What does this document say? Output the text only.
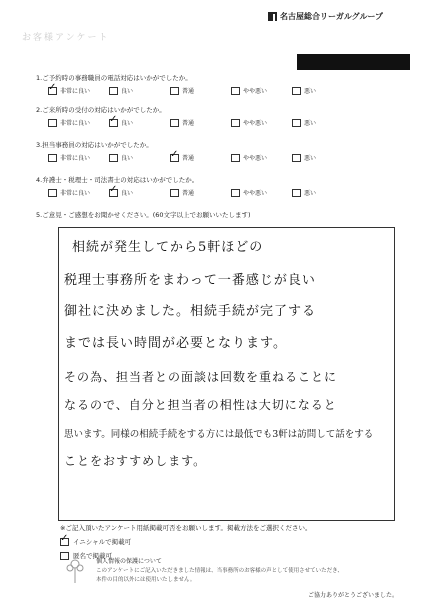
名古屋総合リーガルグループ
お客様アンケート
1.ご予約時の事務職員の電話対応はいかがでしたか。
✓
非常に良い	良い	普通	やや悪い	悪い
2.ご来所時の受付の対応はいかがでしたか。
非常に良い ✓	良い	普通	やや悪い	悪い
3.担当事務員の対応はいかがでしたか。
非常に良い	良い ✓	普通	やや悪い	悪い
4.弁護士・税理士・司法書士の対応はいかがでしたか。
非常に良い ✓	良い	普通	やや悪い	悪い
5.ご意見・ご感想をお聞かせください。(60文字以上でお願いいたします)
相続が発生してから5軒ほどの
税理士事務所をまわって一番感じが良い
御社に決めました。相続手続が完了する
までは長い時間が必要となります。
その為、担当者との面談は回数を重ねることに
なるので、自分と担当者の相性は大切になると
思います。同様の相続手続をする方には最低でも3軒は訪問して話をする
ことをおすすめします。
※ご記入頂いたアンケート用紙掲載可否をお願いします。掲載方法をご選択ください。
✓
イニシャルで掲載可
匿名で掲載可
個人情報の保護について
このアンケートにご記入いただきました情報は、当事務所のお客様の声として使用させていただき、
本件の目的以外には使用いたしません。
ご協力ありがとうございました。
